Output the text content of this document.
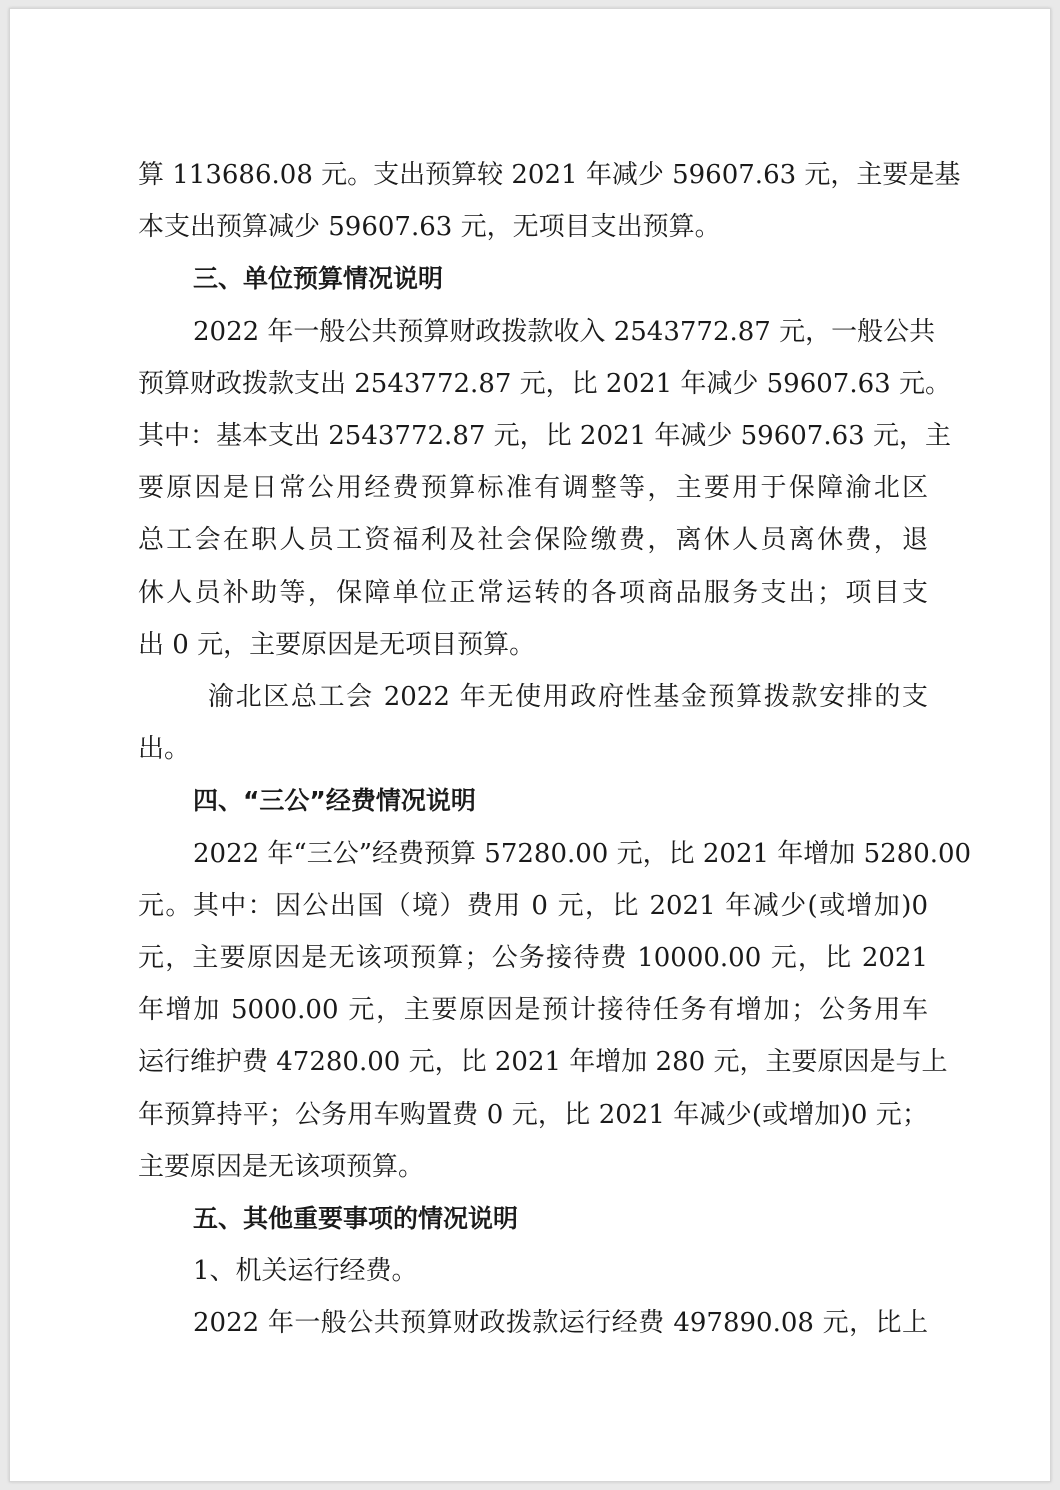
算 113686.08 元。支出预算较 2021 年减少 59607.63 元，主要是基

本支出预算减少 59607.63 元，无项目支出预算。

三、单位预算情况说明

2022 年一般公共预算财政拨款收入 2543772.87 元，一般公共

预算财政拨款支出 2543772.87 元，比 2021 年减少 59607.63 元。

其中：基本支出 2543772.87 元，比 2021 年减少 59607.63 元，主

要原因是日常公用经费预算标准有调整等，主要用于保障渝北区

总工会在职人员工资福利及社会保险缴费，离休人员离休费，退

休人员补助等，保障单位正常运转的各项商品服务支出；项目支

出 0 元，主要原因是无项目预算。

渝北区总工会 2022 年无使用政府性基金预算拨款安排的支

出。

四、“三公”经费情况说明

2022 年“三公”经费预算 57280.00 元，比 2021 年增加 5280.00

元。其中：因公出国（境）费用 0 元，比 2021 年减少(或增加)0

元，主要原因是无该项预算；公务接待费 10000.00 元，比 2021

年增加 5000.00 元，主要原因是预计接待任务有增加；公务用车

运行维护费 47280.00 元，比 2021 年增加 280 元，主要原因是与上

年预算持平；公务用车购置费 0 元，比 2021 年减少(或增加)0 元；

主要原因是无该项预算。

五、其他重要事项的情况说明

1、机关运行经费。

2022 年一般公共预算财政拨款运行经费 497890.08 元，比上
